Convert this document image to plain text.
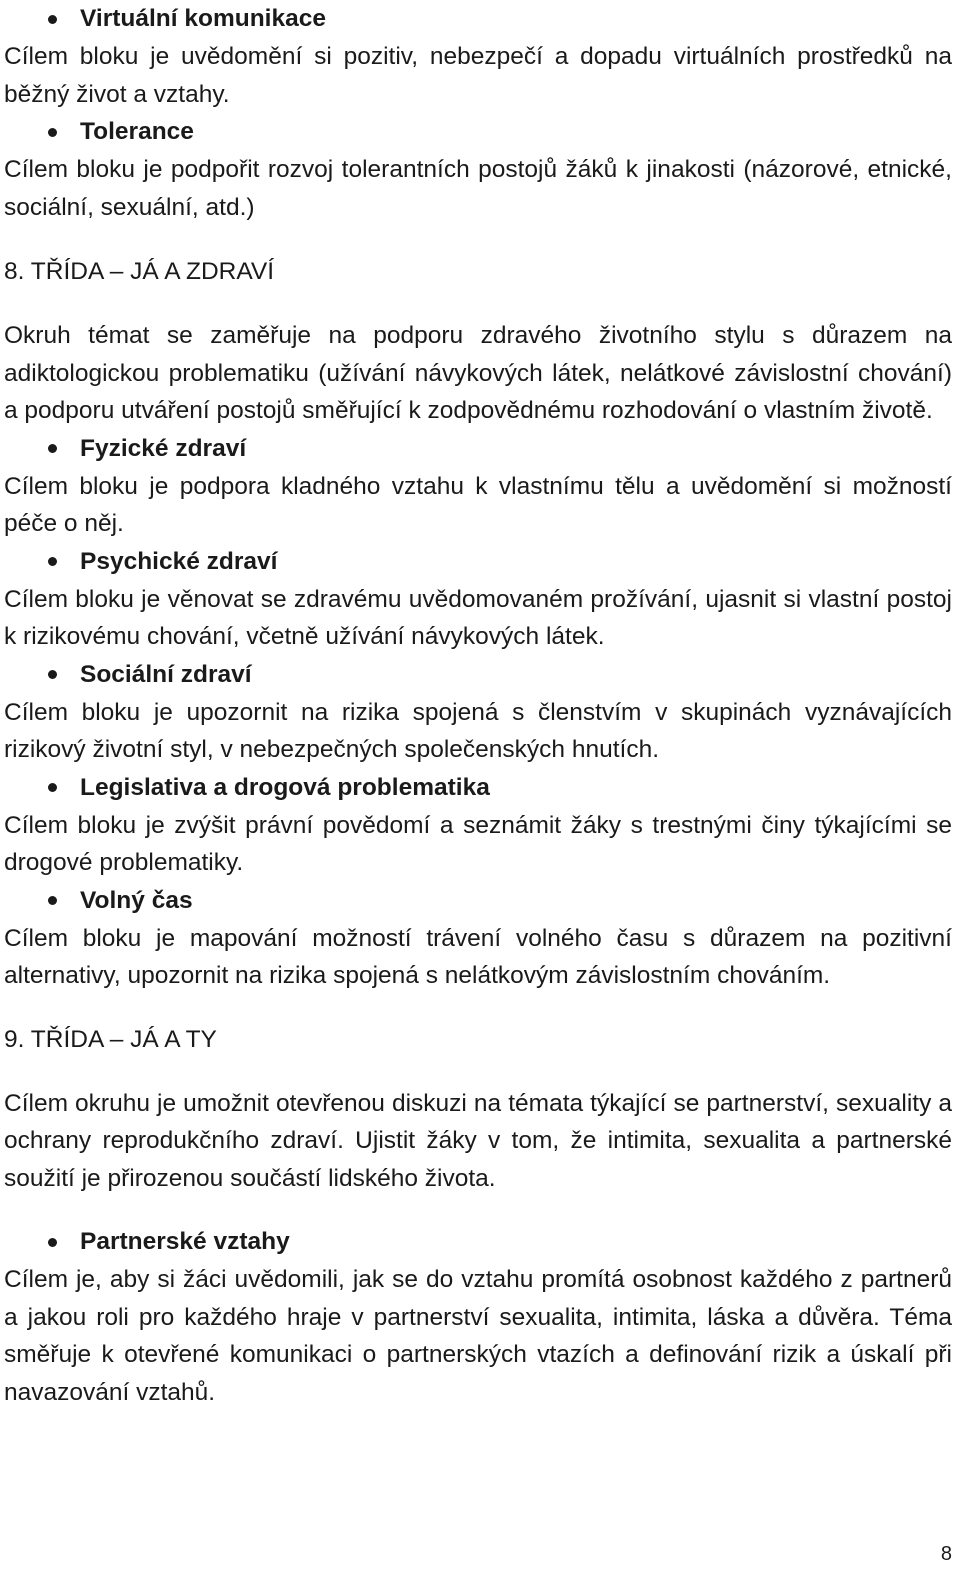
Virtuální komunikace

Cílem bloku je uvědomění si pozitiv, nebezpečí a dopadu virtuálních prostředků na běžný život a vztahy.

Tolerance

Cílem bloku je podpořit rozvoj tolerantních postojů žáků k jinakosti (názorové, etnické, sociální, sexuální, atd.)

8. TŘÍDA – JÁ A ZDRAVÍ

Okruh témat se zaměřuje na podporu zdravého životního stylu s důrazem na adiktologickou problematiku (užívání návykových látek, nelátkové závislostní chování) a podporu utváření postojů směřující k zodpovědnému rozhodování o vlastním životě.

Fyzické zdraví

Cílem bloku je podpora kladného vztahu k vlastnímu tělu a uvědomění si možností péče o něj.

Psychické zdraví

Cílem bloku je věnovat se zdravému uvědomovaném prožívání, ujasnit si vlastní postoj k rizikovému chování, včetně užívání návykových látek.

Sociální zdraví

Cílem bloku je upozornit na rizika spojená s členstvím v skupinách vyznávajících rizikový životní styl, v nebezpečných společenských hnutích.

Legislativa a drogová problematika

Cílem bloku je zvýšit právní povědomí a seznámit žáky s trestnými činy týkajícími se drogové problematiky.

Volný čas

Cílem bloku je mapování možností trávení volného času s důrazem na pozitivní alternativy, upozornit na rizika spojená s nelátkovým závislostním chováním.

9. TŘÍDA – JÁ A TY

Cílem okruhu je umožnit otevřenou diskuzi na témata týkající se partnerství, sexuality a ochrany reprodukčního zdraví. Ujistit žáky v tom, že intimita, sexualita a partnerské soužití je přirozenou součástí lidského života.

Partnerské vztahy

Cílem je, aby si žáci uvědomili, jak se do vztahu promítá osobnost každého z partnerů a jakou roli pro každého hraje v partnerství sexualita, intimita, láska a důvěra. Téma směřuje k otevřené komunikaci o partnerských vtazích a definování rizik a úskalí při navazování vztahů.

8
